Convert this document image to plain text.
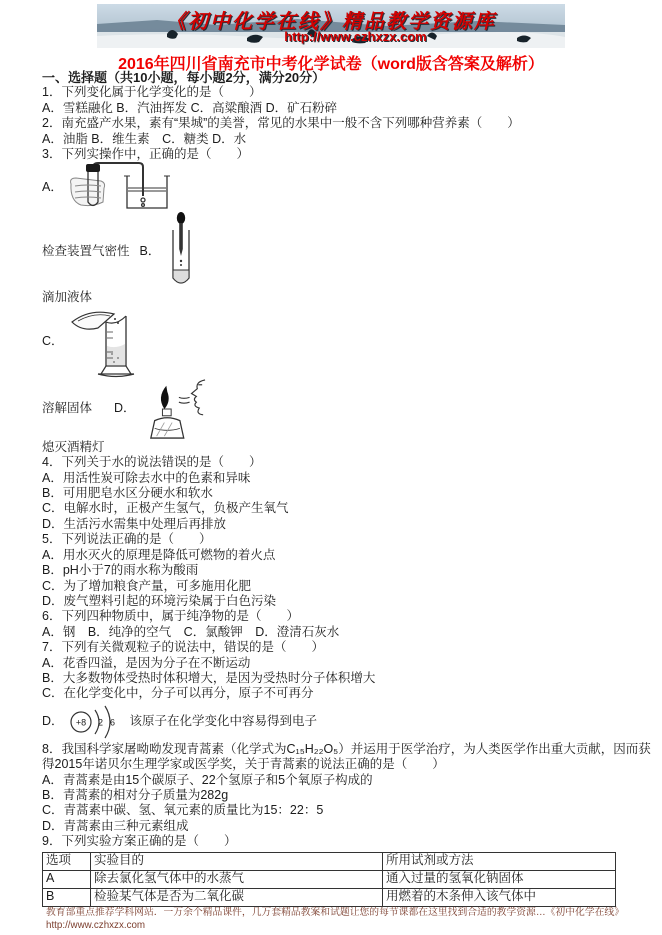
《初中化学在线》精品教学资源库
http://www.czhxzx.com
2016年四川省南充市中考化学试卷（word版含答案及解析）

一、选择题（共10小题，每小题2分，满分20分）

1．下列变化属于化学变化的是（　　）

A．雪糕融化 B．汽油挥发 C．高粱酿酒 D．矿石粉碎

2．南充盛产水果，素有“果城”的美誉，常见的水果中一般不含下列哪种营养素（　　）

A．油脂 B．维生素　C．糖类 D．水

3．下列实操作中，正确的是（　　）

A．
检查装置气密性 B．

滴加液体

C．
溶解固体 D．

熄灭酒精灯

4．下列关于水的说法错误的是（　　）

A．用活性炭可除去水中的色素和异味

B．可用肥皂水区分硬水和软水

C．电解水时，正极产生氢气，负极产生氧气

D．生活污水需集中处理后再排放

5．下列说法正确的是（　　）

A．用水灭火的原理是降低可燃物的着火点

B．pH小于7的雨水称为酸雨

C．为了增加粮食产量，可多施用化肥

D．废气塑料引起的环境污染属于白色污染

6．下列四种物质中，属于纯净物的是（　　）

A．钢　B．纯净的空气　C．氯酸钾　D．澄清石灰水

7．下列有关微观粒子的说法中，错误的是（　　）

A．花香四溢，是因为分子在不断运动

B．大多数物体受热时体积增大，是因为受热时分子体积增大

C．在化学变化中，分子可以再分，原子不可再分

D． +8 2 6 该原子在化学变化中容易得到电子

8．我国科学家屠呦呦发现青蒿素（化学式为C₁₅H₂₂O₅）并运用于医学治疗，为人类医学作出重大贡献，因而获

得2015年诺贝尔生理学家或医学奖，关于青蒿素的说法正确的是（　　）

A．青蒿素是由15个碳原子、22个氢原子和5个氧原子构成的

B．青蒿素的相对分子质量为282g

C．青蒿素中碳、氢、氧元素的质量比为15：22：5

D．青蒿素由三种元素组成

9．下列实验方案正确的是（　　）

选项	实验目的	所用试剂或方法
A	除去氯化氢气体中的水蒸气	通入过量的氢氧化钠固体
B	检验某气体是否为二氧化碳	用燃着的木条伸入该气体中
教育部重点推荐学科网站．一万余个精品课件，几万套精品教案和试题让您的每节课都在这里找到合适的教学资源…《初中化学在线》http://www.czhxzx.com
